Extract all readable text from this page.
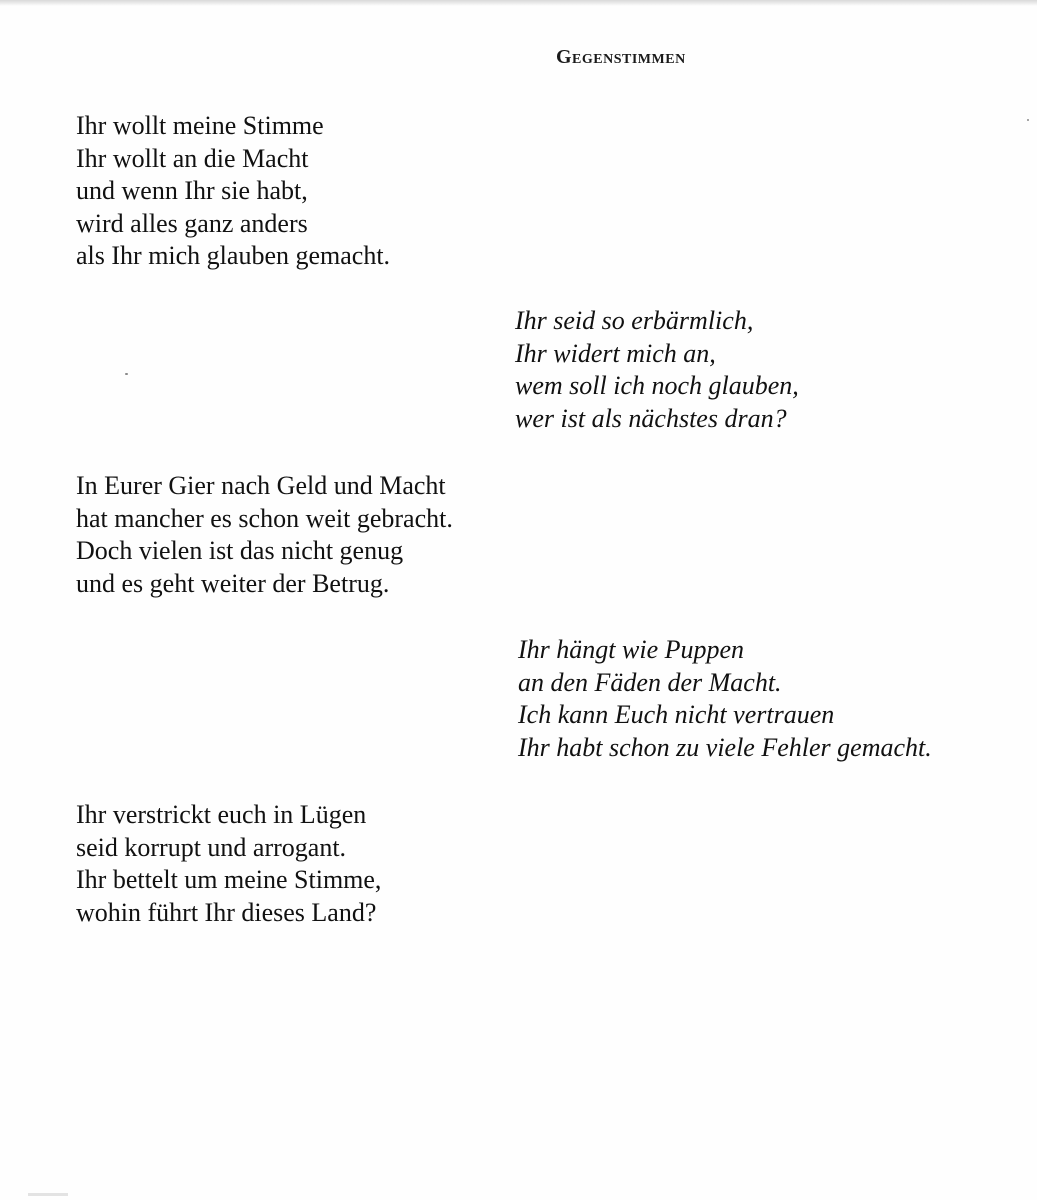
Gegenstimmen

Ihr wollt meine Stimme
Ihr wollt an die Macht
und wenn Ihr sie habt,
wird alles ganz anders
als Ihr mich glauben gemacht.

Ihr seid so erbärmlich,
Ihr widert mich an,
wem soll ich noch glauben,
wer ist als nächstes dran?

In Eurer Gier nach Geld und Macht
hat mancher es schon weit gebracht.
Doch vielen ist das nicht genug
und es geht weiter der Betrug.

Ihr hängt wie Puppen
an den Fäden der Macht.
Ich kann Euch nicht vertrauen
Ihr habt schon zu viele Fehler gemacht.

Ihr verstrickt euch in Lügen
seid korrupt und arrogant.
Ihr bettelt um meine Stimme,
wohin führt Ihr dieses Land?
